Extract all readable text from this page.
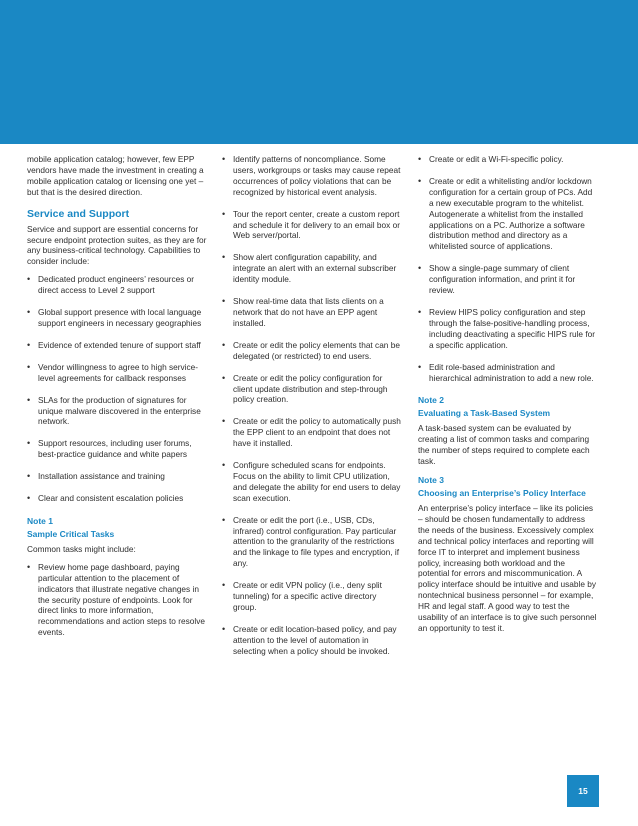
mobile application catalog; however, few EPP vendors have made the investment in creating a mobile application catalog or licensing one yet – but that is the desired direction.

Service and Support

Service and support are essential concerns for secure endpoint protection suites, as they are for any business-critical technology. Capabilities to consider include:

• Dedicated product engineers’ resources or direct access to Level 2 support
• Global support presence with local language support engineers in necessary geographies
• Evidence of extended tenure of support staff
• Vendor willingness to agree to high service-level agreements for callback responses
• SLAs for the production of signatures for unique malware discovered in the enterprise network.
• Support resources, including user forums, best-practice guidance and white papers
• Installation assistance and training
• Clear and consistent escalation policies
Note 1
Sample Critical Tasks

Common tasks might include:

• Review home page dashboard, paying particular attention to the placement of indicators that illustrate negative changes in the security posture of endpoints. Look for direct links to more information, recommendations and action steps to resolve events.
• Identify patterns of noncompliance. Some users, workgroups or tasks may cause repeat occurrences of policy violations that can be recognized by historical event analysis.
• Tour the report center, create a custom report and schedule it for delivery to an email box or Web server/portal.
• Show alert configuration capability, and integrate an alert with an external subscriber identity module.
• Show real-time data that lists clients on a network that do not have an EPP agent installed.
• Create or edit the policy elements that can be delegated (or restricted) to end users.
• Create or edit the policy configuration for client update distribution and step-through policy creation.
• Create or edit the policy to automatically push the EPP client to an endpoint that does not have it installed.
• Configure scheduled scans for endpoints. Focus on the ability to limit CPU utilization, and delegate the ability for end users to delay scan execution.
• Create or edit the port (i.e., USB, CDs, infrared) control configuration. Pay particular attention to the granularity of the restrictions and the linkage to file types and encryption, if any.
• Create or edit VPN policy (i.e., deny split tunneling) for a specific active directory group.
• Create or edit location-based policy, and pay attention to the level of automation in selecting when a policy should be invoked.
• Create or edit a Wi-Fi-specific policy.
• Create or edit a whitelisting and/or lockdown configuration for a certain group of PCs. Add a new executable program to the whitelist. Autogenerate a whitelist from the installed applications on a PC. Authorize a software distribution method and directory as a whitelisted source of applications.
• Show a single-page summary of client configuration information, and print it for review.
• Review HIPS policy configuration and step through the false-positive-handling process, including deactivating a specific HIPS rule for a specific application.
• Edit role-based administration and hierarchical administration to add a new role.
Note 2
Evaluating a Task-Based System

A task-based system can be evaluated by creating a list of common tasks and comparing the number of steps required to complete each task.

Note 3
Choosing an Enterprise’s Policy Interface

An enterprise’s policy interface – like its policies – should be chosen fundamentally to address the needs of the business. Excessively complex and technical policy interfaces and reporting will force IT to interpret and implement business policy, increasing both workload and the potential for errors and miscommunication. A policy interface should be intuitive and usable by nontechnical business personnel – for example, HR and legal staff. A good way to test the usability of an interface is to give such personnel an opportunity to test it.

15
